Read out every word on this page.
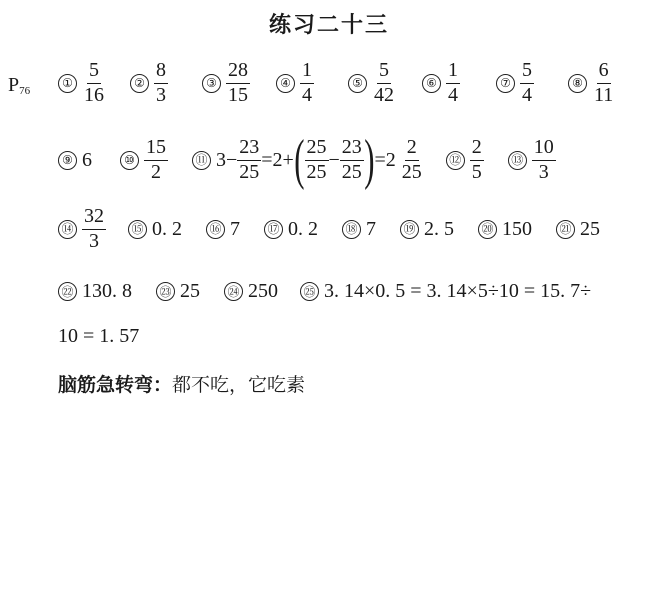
练习二十三
$P_{76}$
① $\frac{5}{16}$	② $\frac{8}{3}$	③ $\frac{28}{15}$	④ $\frac{1}{4}$	⑤ $\frac{5}{42}$	⑥ $\frac{1}{4}$	⑦ $\frac{5}{4}$	⑧ $\frac{6}{11}$
⑨ 6	⑩ $\frac{15}{2}$ ⑪ $3- \frac{23}{25} =2+$ ( $\frac{25}{25} - \frac{23}{25}$ ) $=2 \frac{2}{25}$ ⑫ $\frac{2}{5}$ ⑬ $\frac{10}{3}$
⑭ $\frac{32}{3}$ ⑮ 0. 2 ⑯ 7 ⑰ 0. 2 ⑱ 7 ⑲ 2. 5 ⑳ 150 ㉑ 25
㉒ 130. 8 ㉓ 25 ㉔ 250 ㉕ 3. 14×0. 5 = 3. 14×5÷10 = 15. 7÷
10 = 1. 57
脑筋急转弯： 都不吃，它吃素
